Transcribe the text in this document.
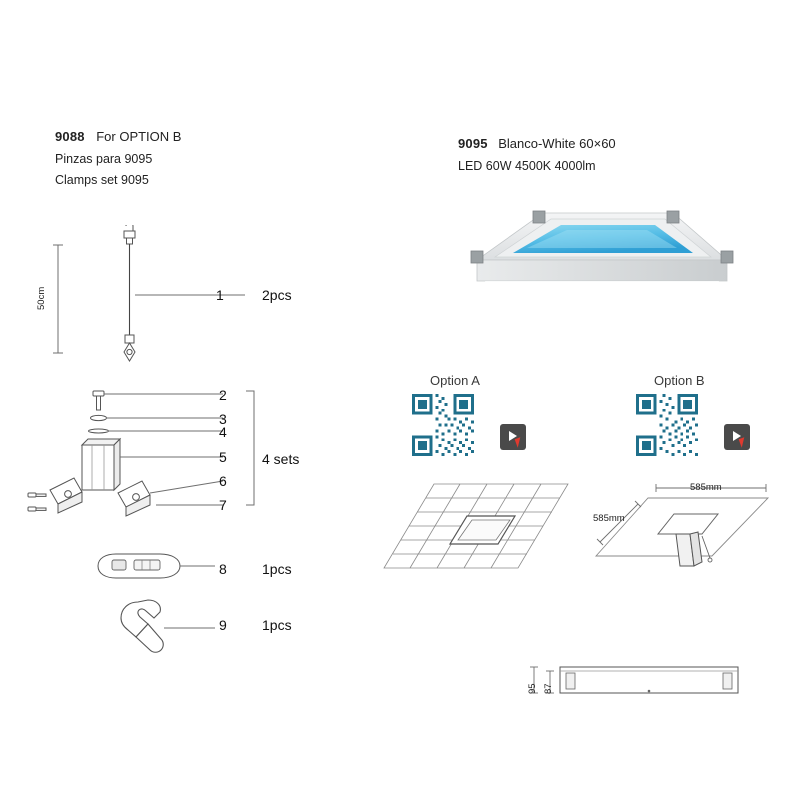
9088 For OPTION B
Pinzas para 9095
Clamps set 9095
50cm	1	2pcs
2
3
4
5
6
7
4 sets
8	1pcs
9	1pcs
9095 Blanco-White 60×60
LED 60W 4500K 4000lm
Option A	Option B
585mm
585mm
95 87
